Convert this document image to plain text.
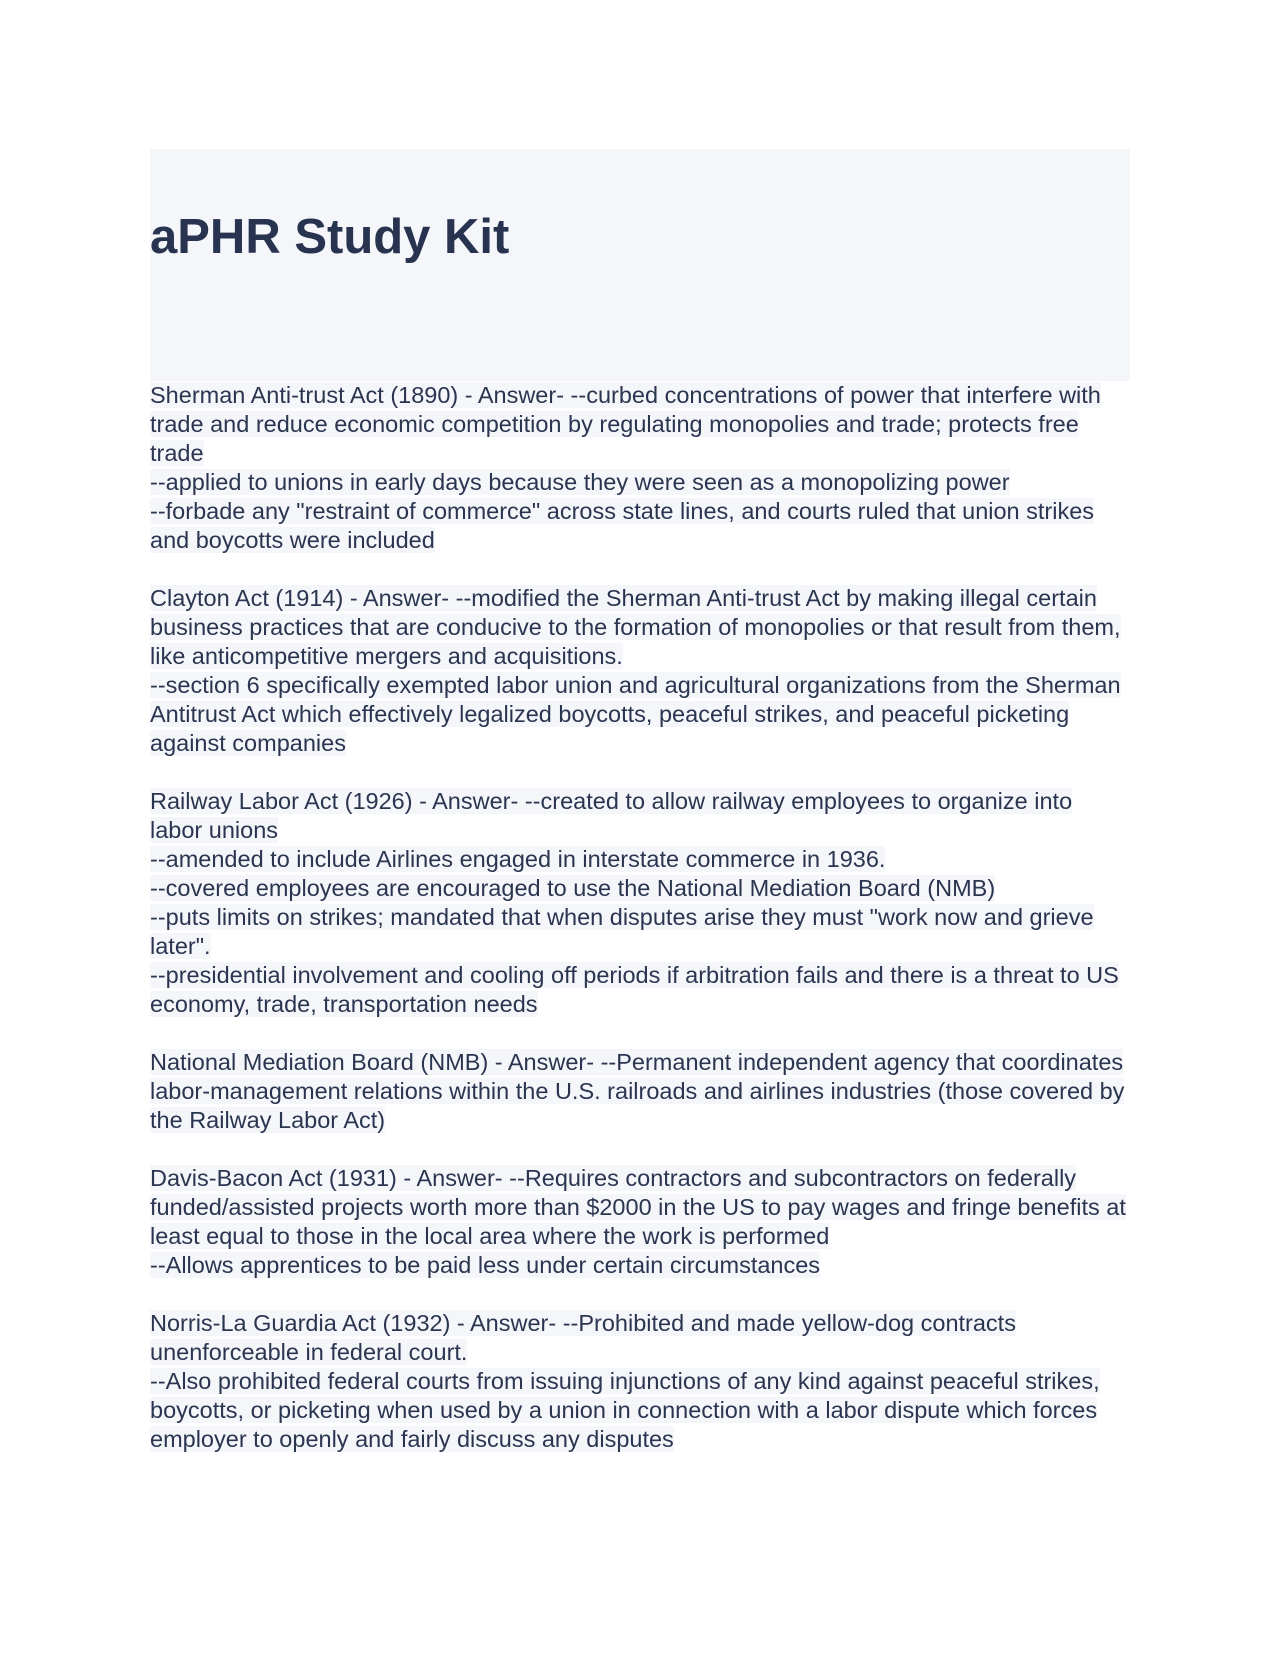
aPHR Study Kit

Sherman Anti-trust Act (1890) - Answer- --curbed concentrations of power that interfere with trade and reduce economic competition by regulating monopolies and trade; protects free trade

--applied to unions in early days because they were seen as a monopolizing power

--forbade any "restraint of commerce" across state lines, and courts ruled that union strikes and boycotts were included

Clayton Act (1914) - Answer- --modified the Sherman Anti-trust Act by making illegal certain business practices that are conducive to the formation of monopolies or that result from them, like anticompetitive mergers and acquisitions.

--section 6 specifically exempted labor union and agricultural organizations from the Sherman Antitrust Act which effectively legalized boycotts, peaceful strikes, and peaceful picketing against companies

Railway Labor Act (1926) - Answer- --created to allow railway employees to organize into labor unions

--amended to include Airlines engaged in interstate commerce in 1936.

--covered employees are encouraged to use the National Mediation Board (NMB)

--puts limits on strikes; mandated that when disputes arise they must "work now and grieve later".

--presidential involvement and cooling off periods if arbitration fails and there is a threat to US economy, trade, transportation needs

National Mediation Board (NMB) - Answer- --Permanent independent agency that coordinates labor-management relations within the U.S. railroads and airlines industries (those covered by the Railway Labor Act)

Davis-Bacon Act (1931) - Answer- --Requires contractors and subcontractors on federally funded/assisted projects worth more than $2000 in the US to pay wages and fringe benefits at least equal to those in the local area where the work is performed

--Allows apprentices to be paid less under certain circumstances

Norris-La Guardia Act (1932) - Answer- --Prohibited and made yellow-dog contracts unenforceable in federal court.

--Also prohibited federal courts from issuing injunctions of any kind against peaceful strikes, boycotts, or picketing when used by a union in connection with a labor dispute which forces employer to openly and fairly discuss any disputes
